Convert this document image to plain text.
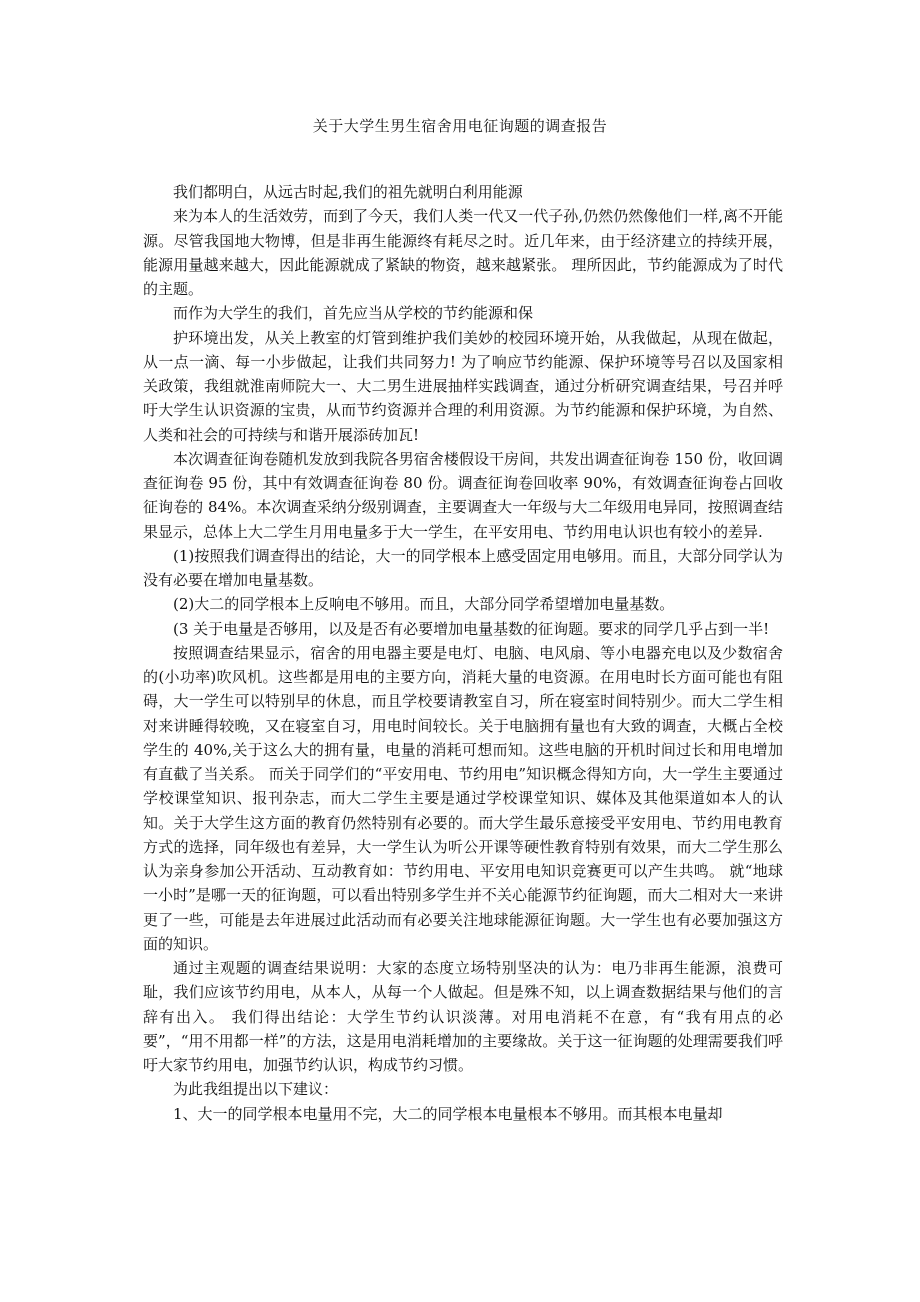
关于大学生男生宿舍用电征询题的调查报告

我们都明白，从远古时起,我们的祖先就明白利用能源

来为本人的生活效劳，而到了今天，我们人类一代又一代子孙,仍然仍然像他们一样,离不开能源。尽管我国地大物博，但是非再生能源终有耗尽之时。近几年来，由于经济建立的持续开展，能源用量越来越大，因此能源就成了紧缺的物资，越来越紧张。 理所因此，节约能源成为了时代的主题。

而作为大学生的我们，首先应当从学校的节约能源和保

护环境出发，从关上教室的灯管到维护我们美妙的校园环境开始，从我做起，从现在做起，从一点一滴、每一小步做起，让我们共同努力! 为了响应节约能源、保护环境等号召以及国家相关政策，我组就淮南师院大一、大二男生进展抽样实践调查，通过分析研究调查结果，号召并呼吁大学生认识资源的宝贵，从而节约资源并合理的利用资源。为节约能源和保护环境，为自然、人类和社会的可持续与和谐开展添砖加瓦!

本次调查征询卷随机发放到我院各男宿舍楼假设干房间，共发出调查征询卷 150 份，收回调查征询卷 95 份，其中有效调查征询卷 80 份。调查征询卷回收率 90%，有效调查征询卷占回收征询卷的 84%。本次调查采纳分级别调查，主要调查大一年级与大二年级用电异同，按照调查结果显示，总体上大二学生月用电量多于大一学生，在平安用电、节约用电认识也有较小的差异.

(1)按照我们调查得出的结论，大一的同学根本上感受固定用电够用。而且，大部分同学认为没有必要在增加电量基数。

(2)大二的同学根本上反响电不够用。而且，大部分同学希望增加电量基数。

(3 关于电量是否够用，以及是否有必要增加电量基数的征询题。要求的同学几乎占到一半!

按照调查结果显示，宿舍的用电器主要是电灯、电脑、电风扇、等小电器充电以及少数宿舍的(小功率)吹风机。这些都是用电的主要方向，消耗大量的电资源。在用电时长方面可能也有阻碍，大一学生可以特别早的休息，而且学校要请教室自习，所在寝室时间特别少。而大二学生相对来讲睡得较晚，又在寝室自习，用电时间较长。关于电脑拥有量也有大致的调查，大概占全校学生的 40%,关于这么大的拥有量，电量的消耗可想而知。这些电脑的开机时间过长和用电增加有直截了当关系。 而关于同学们的“平安用电、节约用电”知识概念得知方向，大一学生主要通过学校课堂知识、报刊杂志，而大二学生主要是通过学校课堂知识、媒体及其他渠道如本人的认知。关于大学生这方面的教育仍然特别有必要的。而大学生最乐意接受平安用电、节约用电教育方式的选择，同年级也有差异，大一学生认为听公开课等硬性教育特别有效果，而大二学生那么认为亲身参加公开活动、互动教育如：节约用电、平安用电知识竞赛更可以产生共鸣。 就“地球一小时”是哪一天的征询题，可以看出特别多学生并不关心能源节约征询题，而大二相对大一来讲更了一些，可能是去年进展过此活动而有必要关注地球能源征询题。大一学生也有必要加强这方面的知识。

通过主观题的调查结果说明：大家的态度立场特别坚决的认为：电乃非再生能源，浪费可耻，我们应该节约用电，从本人，从每一个人做起。但是殊不知，以上调查数据结果与他们的言辞有出入。 我们得出结论：大学生节约认识淡薄。对用电消耗不在意，有“我有用点的必要”，“用不用都一样”的方法，这是用电消耗增加的主要缘故。关于这一征询题的处理需要我们呼吁大家节约用电，加强节约认识，构成节约习惯。

为此我组提出以下建议：

1、大一的同学根本电量用不完，大二的同学根本电量根本不够用。而其根本电量却
